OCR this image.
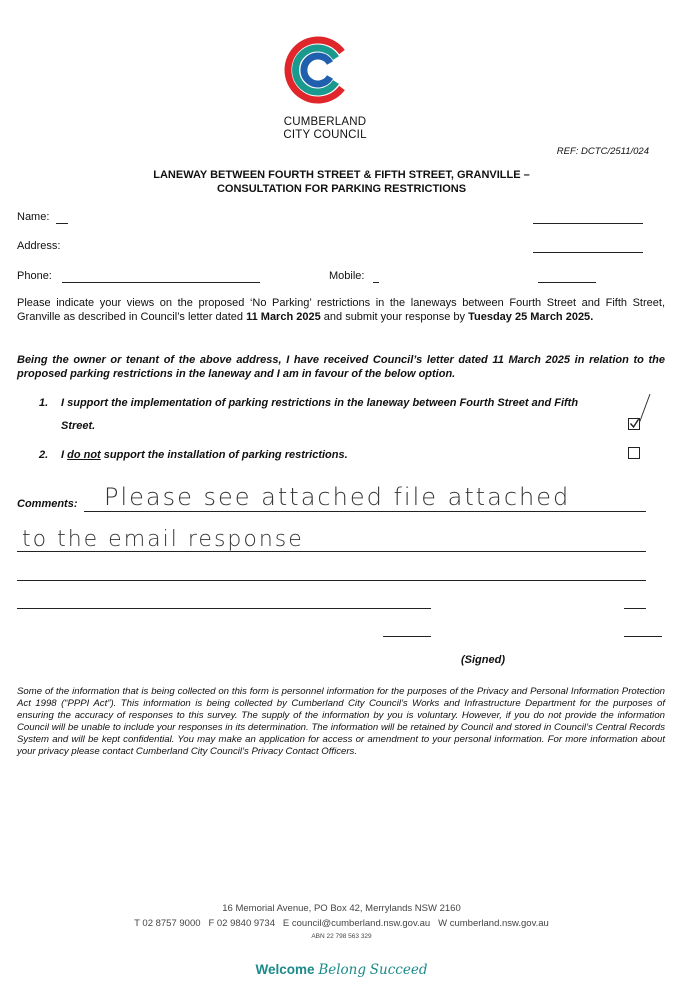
CUMBERLAND
CITY COUNCIL
REF: DCTC/2511/024
LANEWAY BETWEEN FOURTH STREET & FIFTH STREET, GRANVILLE –
CONSULTATION FOR PARKING RESTRICTIONS
Name:
Address:
Phone:	Mobile:
Please indicate your views on the proposed ‘No Parking’ restrictions in the laneways between Fourth Street and Fifth Street, Granville as described in Council’s letter dated 11 March 2025 and submit your response by Tuesday 25 March 2025.
Being the owner or tenant of the above address, I have received Council’s letter dated 11 March 2025 in relation to the proposed parking restrictions in the laneway and I am in favour of the below option.
1. I support the implementation of parking restrictions in the laneway between Fourth Street and Fifth
Street.
2. I do not support the installation of parking restrictions.
Comments: Please see attached file attached
to the email response
(Signed)
Some of the information that is being collected on this form is personnel information for the purposes of the Privacy and Personal Information Protection Act 1998 (“PPPI Act”). This information is being collected by Cumberland City Council’s Works and Infrastructure Department for the purposes of ensuring the accuracy of responses to this survey. The supply of the information by you is voluntary. However, if you do not provide the information Council will be unable to include your responses in its determination. The information will be retained by Council and stored in Council’s Central Records System and will be kept confidential. You may make an application for access or amendment to your personal information. For more information about your privacy please contact Cumberland City Council’s Privacy Contact Officers.
16 Memorial Avenue, PO Box 42, Merrylands NSW 2160
T 02 8757 9000   F 02 9840 9734   E council@cumberland.nsw.gov.au   W cumberland.nsw.gov.au
ABN 22 798 563 329
Welcome Belong Succeed
